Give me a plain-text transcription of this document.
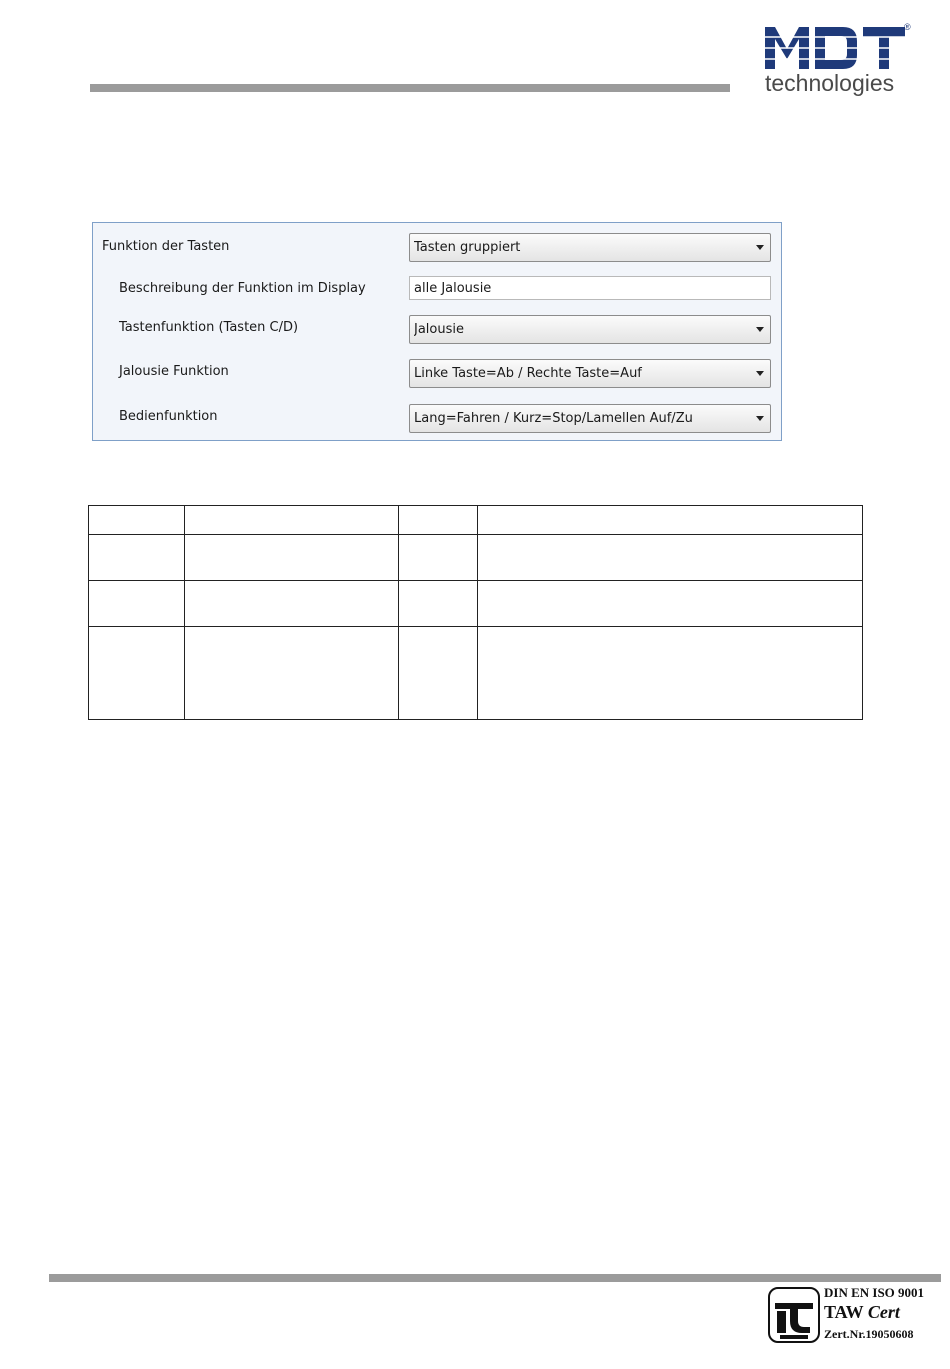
®
technologies
Funktion der Tasten	Tasten gruppiert
Beschreibung der Funktion im Display	alle Jalousie
Tastenfunktion (Tasten C/D)	Jalousie
Jalousie Funktion	Linke Taste=Ab / Rechte Taste=Auf
Bedienfunktion	Lang=Fahren / Kurz=Stop/Lamellen Auf/Zu

DIN EN ISO 9001
TAW Cert
Zert.Nr.19050608
